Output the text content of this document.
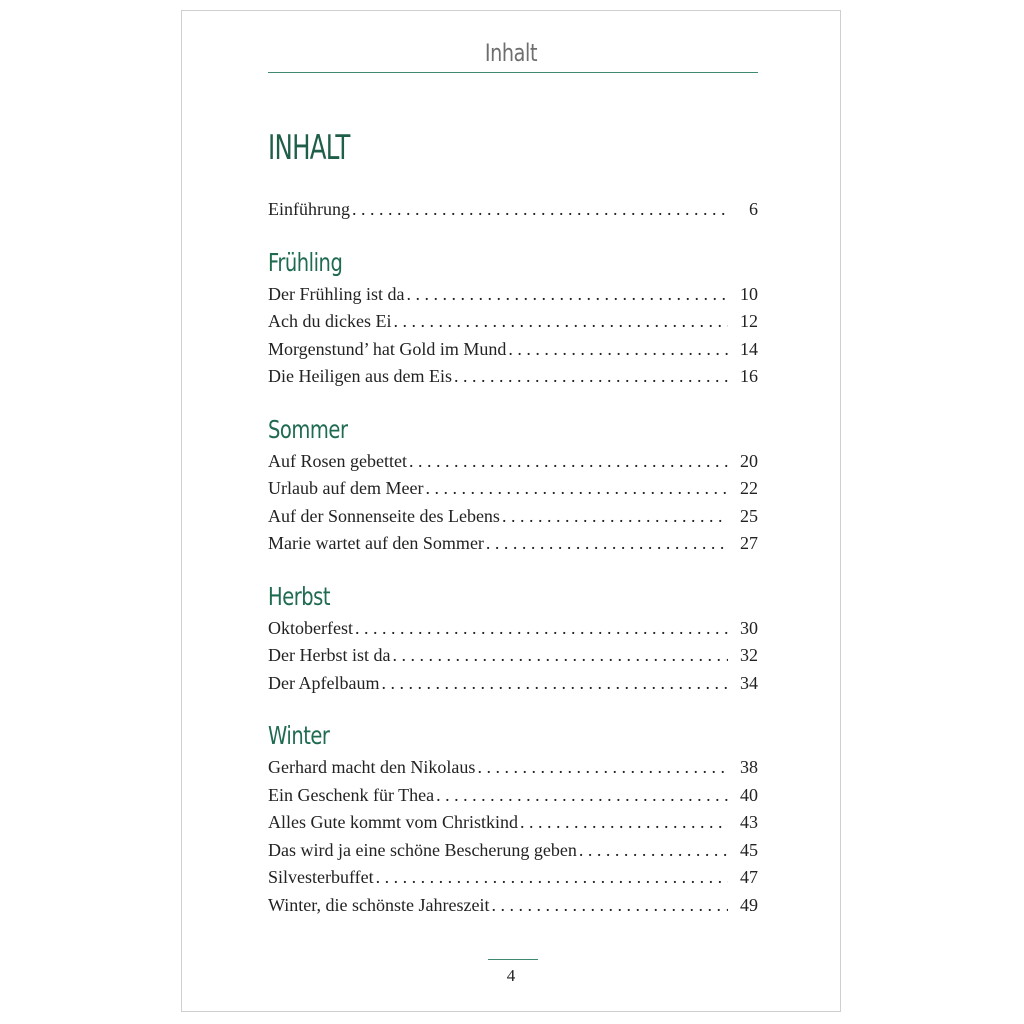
Inhalt
INHALT
Einführung . . .	6
Frühling
Der Frühling ist da . . .	10
Ach du dickes Ei . . .	12
Morgenstund’ hat Gold im Mund . . .	14
Die Heiligen aus dem Eis . . .	16
Sommer
Auf Rosen gebettet . . .	20
Urlaub auf dem Meer . . .	22
Auf der Sonnenseite des Lebens . . .	25
Marie wartet auf den Sommer . . .	27
Herbst
Oktoberfest . . .	30
Der Herbst ist da . . .	32
Der Apfelbaum . . .	34
Winter
Gerhard macht den Nikolaus . . .	38
Ein Geschenk für Thea . . .	40
Alles Gute kommt vom Christkind . . .	43
Das wird ja eine schöne Bescherung geben . . .	45
Silvesterbuffet . . .	47
Winter, die schönste Jahreszeit . . .	49
4
